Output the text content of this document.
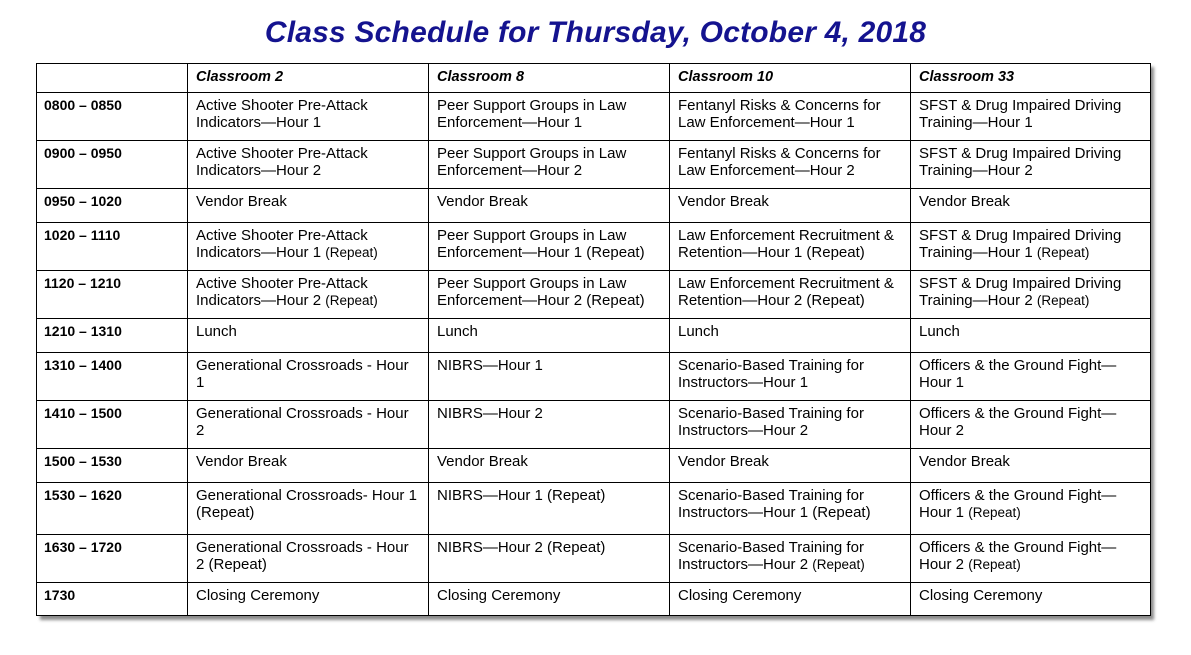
Class Schedule for Thursday, October 4, 2018
	Classroom 2	Classroom 8	Classroom 10	Classroom 33
0800 – 0850	Active Shooter Pre-Attack Indicators—Hour 1	Peer Support Groups in Law Enforcement—Hour 1	Fentanyl Risks & Concerns for Law Enforcement—Hour 1	SFST & Drug Impaired Driving Training—Hour 1
0900 – 0950	Active Shooter Pre-Attack Indicators—Hour 2	Peer Support Groups in Law Enforcement—Hour 2	Fentanyl Risks & Concerns for Law Enforcement—Hour 2	SFST & Drug Impaired Driving Training—Hour 2
0950 – 1020	Vendor Break	Vendor Break	Vendor Break	Vendor Break
1020 – 1110	Active Shooter Pre-Attack Indicators—Hour 1 (Repeat)	Peer Support Groups in Law Enforcement—Hour 1 (Repeat)	Law Enforcement Recruitment & Retention—Hour 1 (Repeat)	SFST & Drug Impaired Driving Training—Hour 1 (Repeat)
1120 – 1210	Active Shooter Pre-Attack Indicators—Hour 2 (Repeat)	Peer Support Groups in Law Enforcement—Hour 2 (Repeat)	Law Enforcement Recruitment & Retention—Hour 2 (Repeat)	SFST & Drug Impaired Driving Training—Hour 2 (Repeat)
1210 – 1310	Lunch	Lunch	Lunch	Lunch
1310 – 1400	Generational Crossroads - Hour 1	NIBRS—Hour 1	Scenario-Based Training for Instructors—Hour 1	Officers & the Ground Fight—Hour 1
1410 – 1500	Generational Crossroads - Hour 2	NIBRS—Hour 2	Scenario-Based Training for Instructors—Hour 2	Officers & the Ground Fight—Hour 2
1500 – 1530	Vendor Break	Vendor Break	Vendor Break	Vendor Break
1530 – 1620	Generational Crossroads- Hour 1 (Repeat)	NIBRS—Hour 1 (Repeat)	Scenario-Based Training for Instructors—Hour 1 (Repeat)	Officers & the Ground Fight—Hour 1 (Repeat)
1630 – 1720	Generational Crossroads - Hour 2 (Repeat)	NIBRS—Hour 2 (Repeat)	Scenario-Based Training for Instructors—Hour 2 (Repeat)	Officers & the Ground Fight—Hour 2 (Repeat)
1730	Closing Ceremony	Closing Ceremony	Closing Ceremony	Closing Ceremony
